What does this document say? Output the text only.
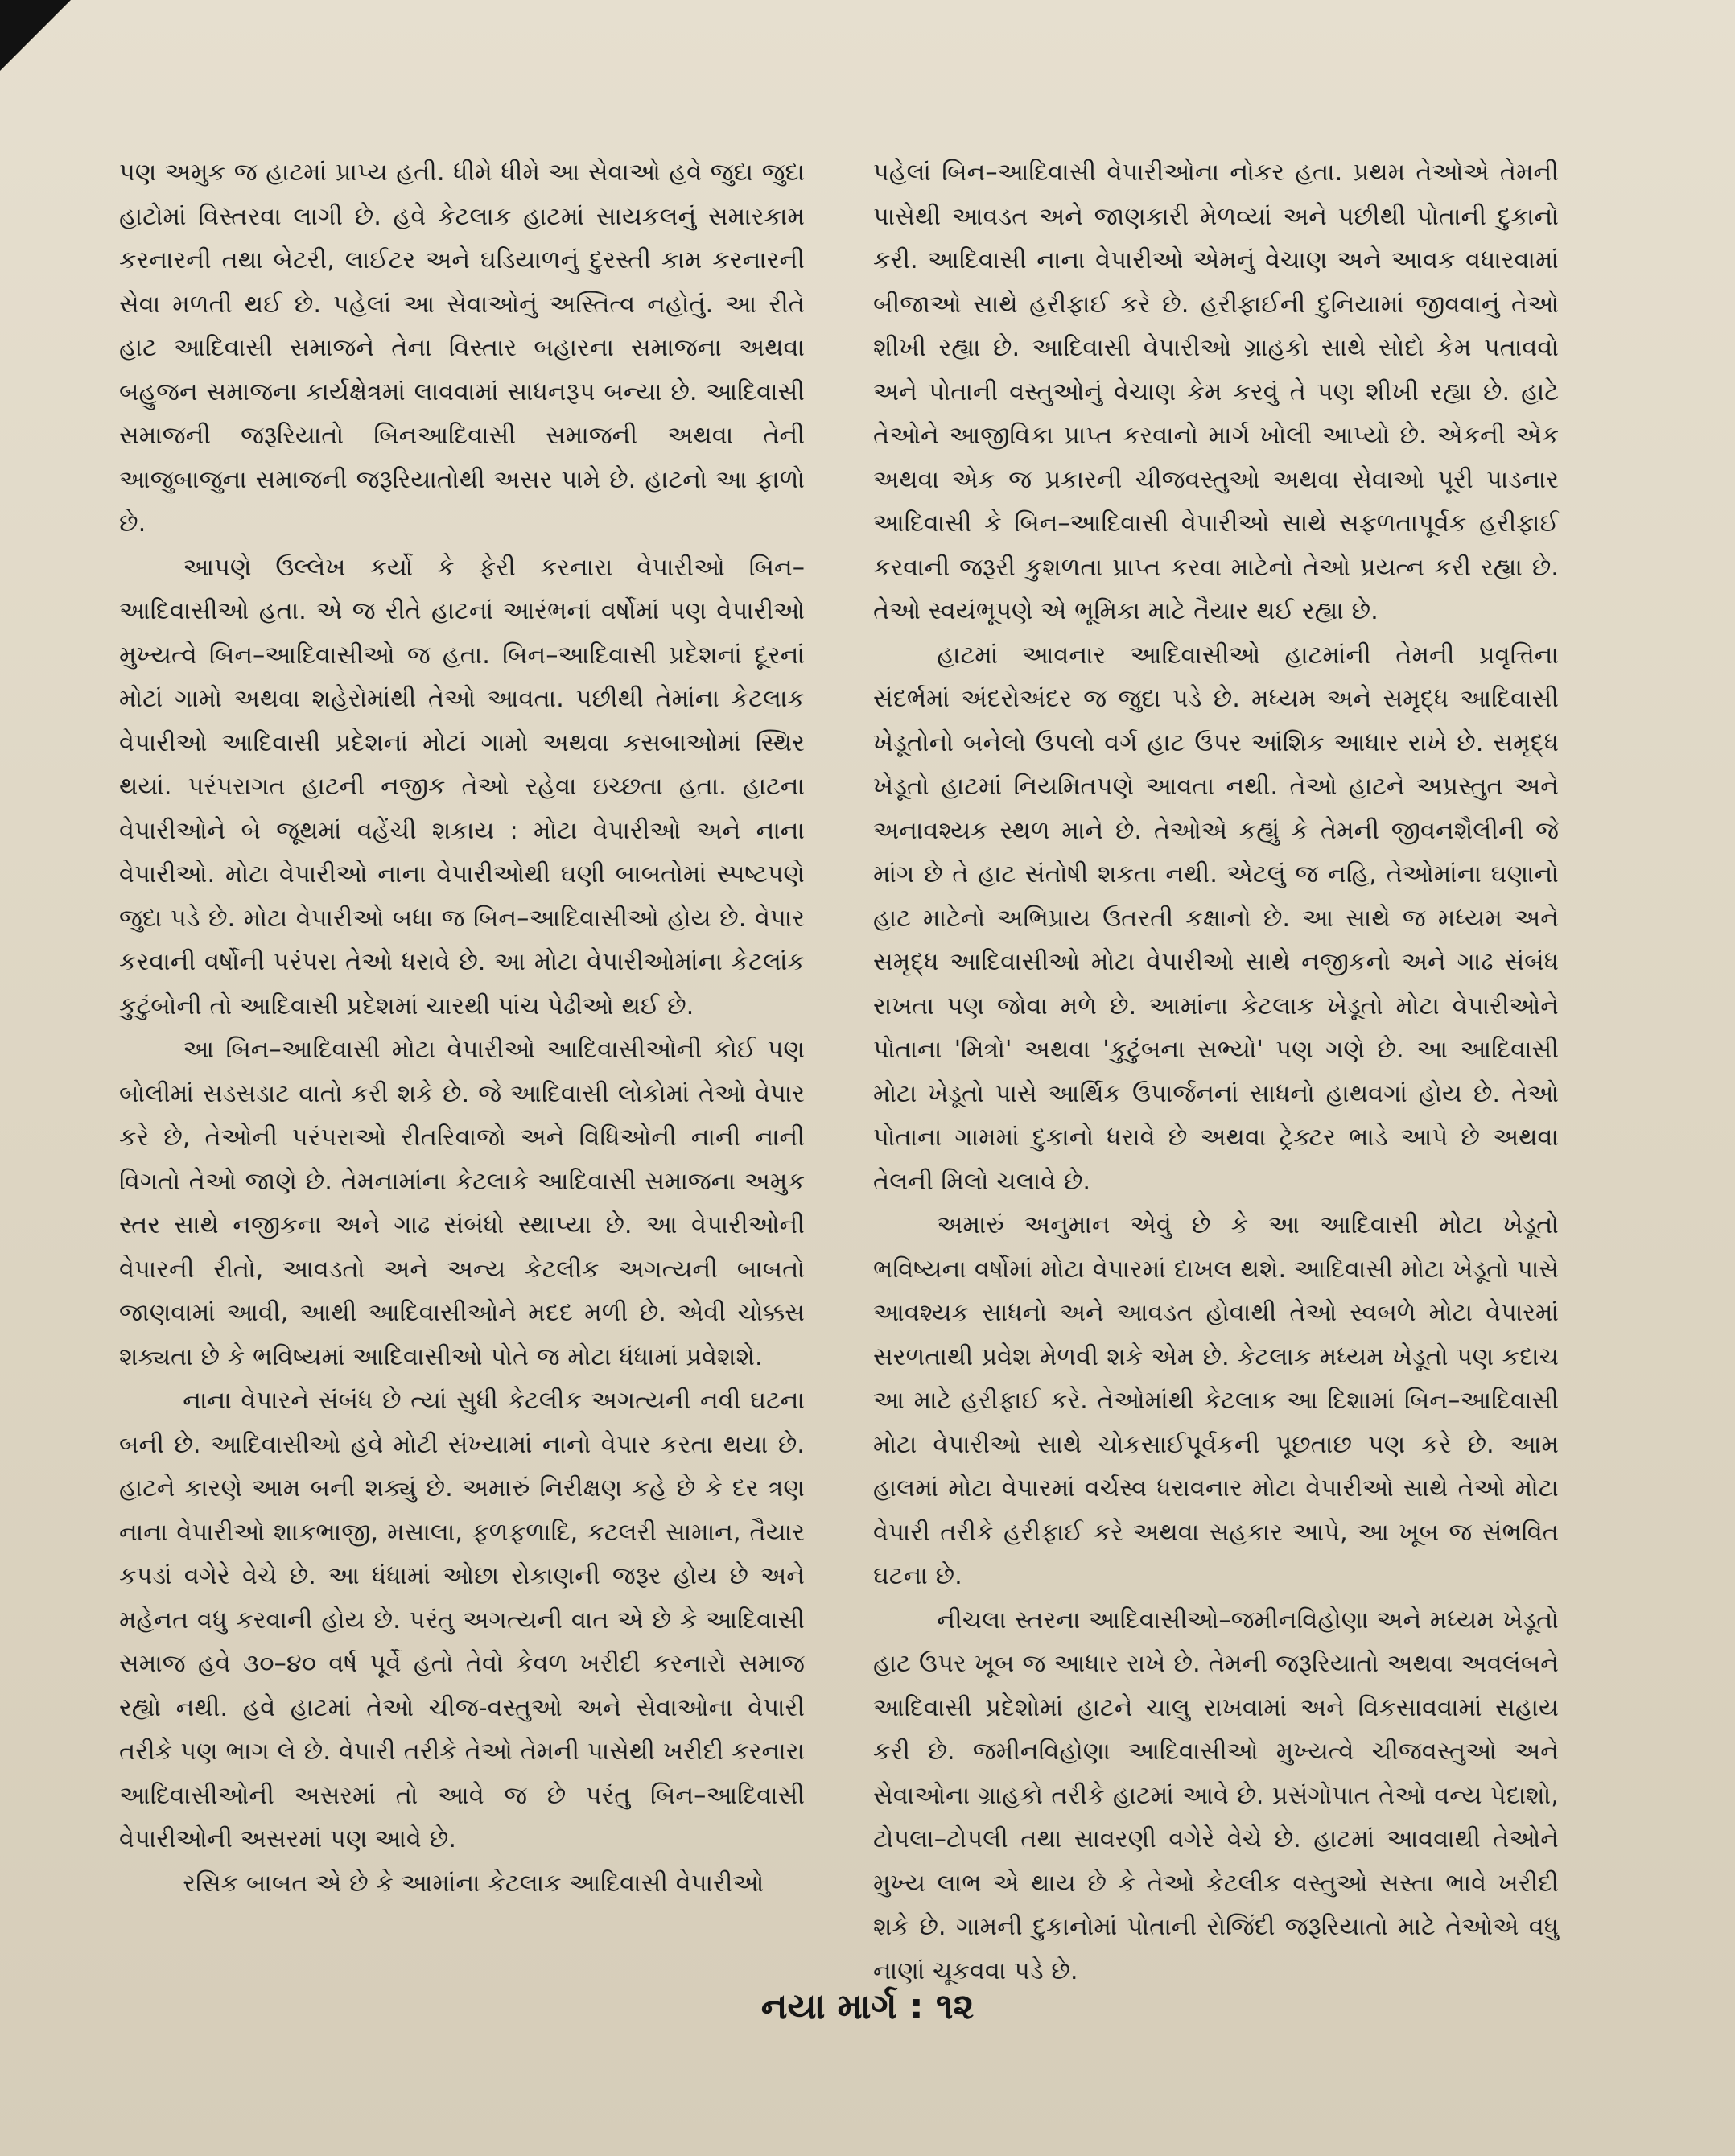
પણ અમુક જ હાટમાં પ્રાપ્ય હતી. ધીમે ધીમે આ સેવાઓ હવે જુદા જુદા હાટોમાં વિસ્તરવા લાગી છે. હવે કેટલાક હાટમાં સાયકલનું સમારકામ કરનારની તથા બેટરી, લાઈટર અને ઘડિયાળનું દુરસ્તી કામ કરનારની સેવા મળતી થઈ છે. પહેલાં આ સેવાઓનું અસ્તિત્વ નહોતું. આ રીતે હાટ આદિવાસી સમાજને તેના વિસ્તાર બહારના સમાજના અથવા બહુજન સમાજના કાર્યક્ષેત્રમાં લાવવામાં સાધનરૂપ બન્યા છે. આદિવાસી સમાજની જરૂરિયાતો બિનઆદિવાસી સમાજની અથવા તેની આજુબાજુના સમાજની જરૂરિયાતોથી અસર પામે છે. હાટનો આ ફાળો છે.

આપણે ઉલ્લેખ કર્યો કે ફેરી કરનારા વેપારીઓ બિન–આદિવાસીઓ હતા. એ જ રીતે હાટનાં આરંભનાં વર્ષોમાં પણ વેપારીઓ મુખ્યત્વે બિન–આદિવાસીઓ જ હતા. બિન–આદિવાસી પ્રદેશનાં દૂરનાં મોટાં ગામો અથવા શહેરોમાંથી તેઓ આવતા. પછીથી તેમાંના કેટલાક વેપારીઓ આદિવાસી પ્રદેશનાં મોટાં ગામો અથવા કસબાઓમાં સ્થિર થયાં. પરંપરાગત હાટની નજીક તેઓ રહેવા ઇચ્છતા હતા. હાટના વેપારીઓને બે જૂથમાં વહેંચી શકાય : મોટા વેપારીઓ અને નાના વેપારીઓ. મોટા વેપારીઓ નાના વેપારીઓથી ઘણી બાબતોમાં સ્પષ્ટપણે જુદા પડે છે. મોટા વેપારીઓ બધા જ બિન–આદિવાસીઓ હોય છે. વેપાર કરવાની વર્ષોની પરંપરા તેઓ ધરાવે છે. આ મોટા વેપારીઓમાંના કેટલાંક કુટુંબોની તો આદિવાસી પ્રદેશમાં ચારથી પાંચ પેઢીઓ થઈ છે.

આ બિન–આદિવાસી મોટા વેપારીઓ આદિવાસીઓની કોઈ પણ બોલીમાં સડસડાટ વાતો કરી શકે છે. જે આદિવાસી લોકોમાં તેઓ વેપાર કરે છે, તેઓની પરંપરાઓ રીતરિવાજો અને વિધિઓની નાની નાની વિગતો તેઓ જાણે છે. તેમનામાંના કેટલાકે આદિવાસી સમાજના અમુક સ્તર સાથે નજીકના અને ગાઢ સંબંધો સ્થાપ્યા છે. આ વેપારીઓની વેપારની રીતો, આવડતો અને અન્ય કેટલીક અગત્યની બાબતો જાણવામાં આવી, આથી આદિવાસીઓને મદદ મળી છે. એવી ચોક્કસ શક્યતા છે કે ભવિષ્યમાં આદિવાસીઓ પોતે જ મોટા ધંધામાં પ્રવેશશે.

નાના વેપારને સંબંધ છે ત્યાં સુધી કેટલીક અગત્યની નવી ઘટના બની છે. આદિવાસીઓ હવે મોટી સંખ્યામાં નાનો વેપાર કરતા થયા છે. હાટને કારણે આમ બની શક્યું છે. અમારું નિરીક્ષણ કહે છે કે દર ત્રણ નાના વેપારીઓ શાકભાજી, મસાલા, ફળફળાદિ, કટલરી સામાન, તૈયાર કપડાં વગેરે વેચે છે. આ ધંધામાં ઓછા રોકાણની જરૂર હોય છે અને મહેનત વધુ કરવાની હોય છે. પરંતુ અગત્યની વાત એ છે કે આદિવાસી સમાજ હવે ૩૦–૪૦ વર્ષ પૂર્વે હતો તેવો કેવળ ખરીદી કરનારો સમાજ રહ્યો નથી. હવે હાટમાં તેઓ ચીજ-વસ્તુઓ અને સેવાઓના વેપારી તરીકે પણ ભાગ લે છે. વેપારી તરીકે તેઓ તેમની પાસેથી ખરીદી કરનારા આદિવાસીઓની અસરમાં તો આવે જ છે પરંતુ બિન–આદિવાસી વેપારીઓની અસરમાં પણ આવે છે.

રસિક બાબત એ છે કે આમાંના કેટલાક આદિવાસી વેપારીઓ

પહેલાં બિન–આદિવાસી વેપારીઓના નોકર હતા. પ્રથમ તેઓએ તેમની પાસેથી આવડત અને જાણકારી મેળવ્યાં અને પછીથી પોતાની દુકાનો કરી. આદિવાસી નાના વેપારીઓ એમનું વેચાણ અને આવક વધારવામાં બીજાઓ સાથે હરીફાઈ કરે છે. હરીફાઈની દુનિયામાં જીવવાનું તેઓ શીખી રહ્યા છે. આદિવાસી વેપારીઓ ગ્રાહકો સાથે સોદો કેમ પતાવવો અને પોતાની વસ્તુઓનું વેચાણ કેમ કરવું તે પણ શીખી રહ્યા છે. હાટે તેઓને આજીવિકા પ્રાપ્ત કરવાનો માર્ગ ખોલી આપ્યો છે. એકની એક અથવા એક જ પ્રકારની ચીજવસ્તુઓ અથવા સેવાઓ પૂરી પાડનાર આદિવાસી કે બિન–આદિવાસી વેપારીઓ સાથે સફળતાપૂર્વક હરીફાઈ કરવાની જરૂરી કુશળતા પ્રાપ્ત કરવા માટેનો તેઓ પ્રયત્ન કરી રહ્યા છે. તેઓ સ્વયંભૂપણે એ ભૂમિકા માટે તૈયાર થઈ રહ્યા છે.

હાટમાં આવનાર આદિવાસીઓ હાટમાંની તેમની પ્રવૃત્તિના સંદર્ભમાં અંદરોઅંદર જ જુદા પડે છે. મધ્યમ અને સમૃદ્ધ આદિવાસી ખેડૂતોનો બનેલો ઉપલો વર્ગ હાટ ઉપર આંશિક આધાર રાખે છે. સમૃદ્ધ ખેડૂતો હાટમાં નિયમિતપણે આવતા નથી. તેઓ હાટને અપ્રસ્તુત અને અનાવશ્યક સ્થળ માને છે. તેઓએ કહ્યું કે તેમની જીવનશૈલીની જે માંગ છે તે હાટ સંતોષી શકતા નથી. એટલું જ નહિ, તેઓમાંના ઘણાનો હાટ માટેનો અભિપ્રાય ઉતરતી કક્ષાનો છે. આ સાથે જ મધ્યમ અને સમૃદ્ધ આદિવાસીઓ મોટા વેપારીઓ સાથે નજીકનો અને ગાઢ સંબંધ રાખતા પણ જોવા મળે છે. આમાંના કેટલાક ખેડૂતો મોટા વેપારીઓને પોતાના 'મિત્રો' અથવા 'કુટુંબના સભ્યો' પણ ગણે છે. આ આદિવાસી મોટા ખેડૂતો પાસે આર્થિક ઉપાર્જનનાં સાધનો હાથવગાં હોય છે. તેઓ પોતાના ગામમાં દુકાનો ધરાવે છે અથવા ટ્રેક્ટર ભાડે આપે છે અથવા તેલની મિલો ચલાવે છે.

અમારું અનુમાન એવું છે કે આ આદિવાસી મોટા ખેડૂતો ભવિષ્યના વર્ષોમાં મોટા વેપારમાં દાખલ થશે. આદિવાસી મોટા ખેડૂતો પાસે આવશ્યક સાધનો અને આવડત હોવાથી તેઓ સ્વબળે મોટા વેપારમાં સરળતાથી પ્રવેશ મેળવી શકે એમ છે. કેટલાક મધ્યમ ખેડૂતો પણ કદાચ આ માટે હરીફાઈ કરે. તેઓમાંથી કેટલાક આ દિશામાં બિન–આદિવાસી મોટા વેપારીઓ સાથે ચોકસાઈપૂર્વકની પૂછતાછ પણ કરે છે. આમ હાલમાં મોટા વેપારમાં વર્ચસ્વ ધરાવનાર મોટા વેપારીઓ સાથે તેઓ મોટા વેપારી તરીકે હરીફાઈ કરે અથવા સહકાર આપે, આ ખૂબ જ સંભવિત ઘટના છે.

નીચલા સ્તરના આદિવાસીઓ–જમીનવિહોણા અને મધ્યમ ખેડૂતો હાટ ઉપર ખૂબ જ આધાર રાખે છે. તેમની જરૂરિયાતો અથવા અવલંબને આદિવાસી પ્રદેશોમાં હાટને ચાલુ રાખવામાં અને વિકસાવવામાં સહાય કરી છે. જમીનવિહોણા આદિવાસીઓ મુખ્યત્વે ચીજવસ્તુઓ અને સેવાઓના ગ્રાહકો તરીકે હાટમાં આવે છે. પ્રસંગોપાત તેઓ વન્ય પેદાશો, ટોપલા–ટોપલી તથા સાવરણી વગેરે વેચે છે. હાટમાં આવવાથી તેઓને મુખ્ય લાભ એ થાય છે કે તેઓ કેટલીક વસ્તુઓ સસ્તા ભાવે ખરીદી શકે છે. ગામની દુકાનોમાં પોતાની રોજિંદી જરૂરિયાતો માટે તેઓએ વધુ નાણાં ચૂકવવા પડે છે.

નયા માર્ગ : ૧૨
